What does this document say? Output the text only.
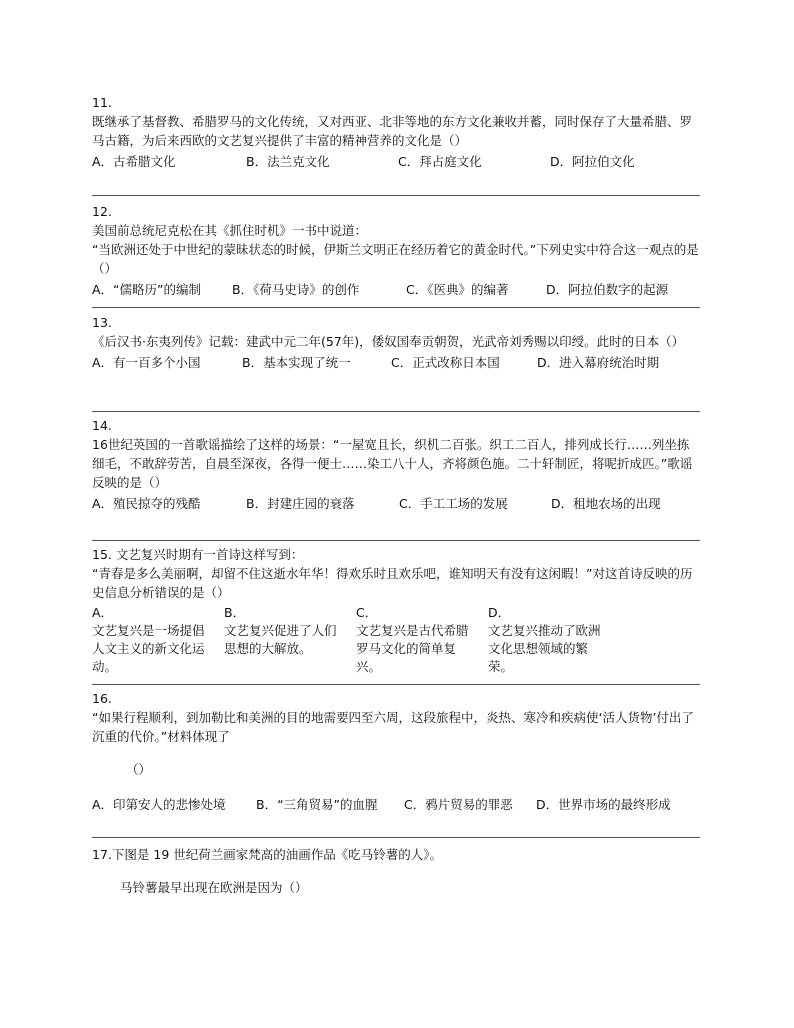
11.
既继承了基督教、希腊罗马的文化传统，又对西亚、北非等地的东方文化兼收并蓄，同时保存了大量希腊、罗马古籍，为后来西欧的文艺复兴提供了丰富的精神营养的文化是（）
A．古希腊文化	B．法兰克文化	C．拜占庭文化	D．阿拉伯文化
12.
美国前总统尼克松在其《抓住时机》一书中说道：
“当欧洲还处于中世纪的蒙昧状态的时候，伊斯兰文明正在经历着它的黄金时代。”下列史实中符合这一观点的是（）
A．“儒略历”的编制	B．《荷马史诗》的创作	C．《医典》的编著	D．阿拉伯数字的起源
13.
《后汉书·东夷列传》记载：建武中元二年(57年)，倭奴国奉贡朝贺，光武帝刘秀赐以印绶。此时的日本（）
A．有一百多个小国	B．基本实现了统一	C．正式改称日本国	D．进入幕府统治时期
14.
16世纪英国的一首歌谣描绘了这样的场景：“一屋宽且长，织机二百张。织工二百人，排列成长行……列坐拣细毛，不敢辞劳苦，自晨至深夜，各得一便士……染工八十人，齐将颜色施。二十轩制匠，将呢折成匹。”歌谣反映的是（）
A．殖民掠夺的残酷	B．封建庄园的衰落	C．手工工场的发展	D．租地农场的出现
15. 文艺复兴时期有一首诗这样写到：
“青春是多么美丽啊，却留不住这逝水年华！得欢乐时且欢乐吧，谁知明天有没有这闲暇！”对这首诗反映的历史信息分析错误的是（）
A．
文艺复兴是一场提倡人文主义的新文化运动。
B．
文艺复兴促进了人们思想的大解放。
C．
文艺复兴是古代希腊罗马文化的简单复兴。
D．
文艺复兴推动了欧洲文化思想领域的繁荣。
16.
“如果行程顺利，到加勒比和美洲的目的地需要四至六周，这段旅程中，炎热、寒冷和疾病使‘活人货物’付出了沉重的代价。”材料体现了
（）
A．印第安人的悲惨处境	B．“三角贸易”的血腥	C．鸦片贸易的罪恶	D．世界市场的最终形成
17.下图是 19 世纪荷兰画家梵高的油画作品《吃马铃薯的人》。
马铃薯最早出现在欧洲是因为（）
